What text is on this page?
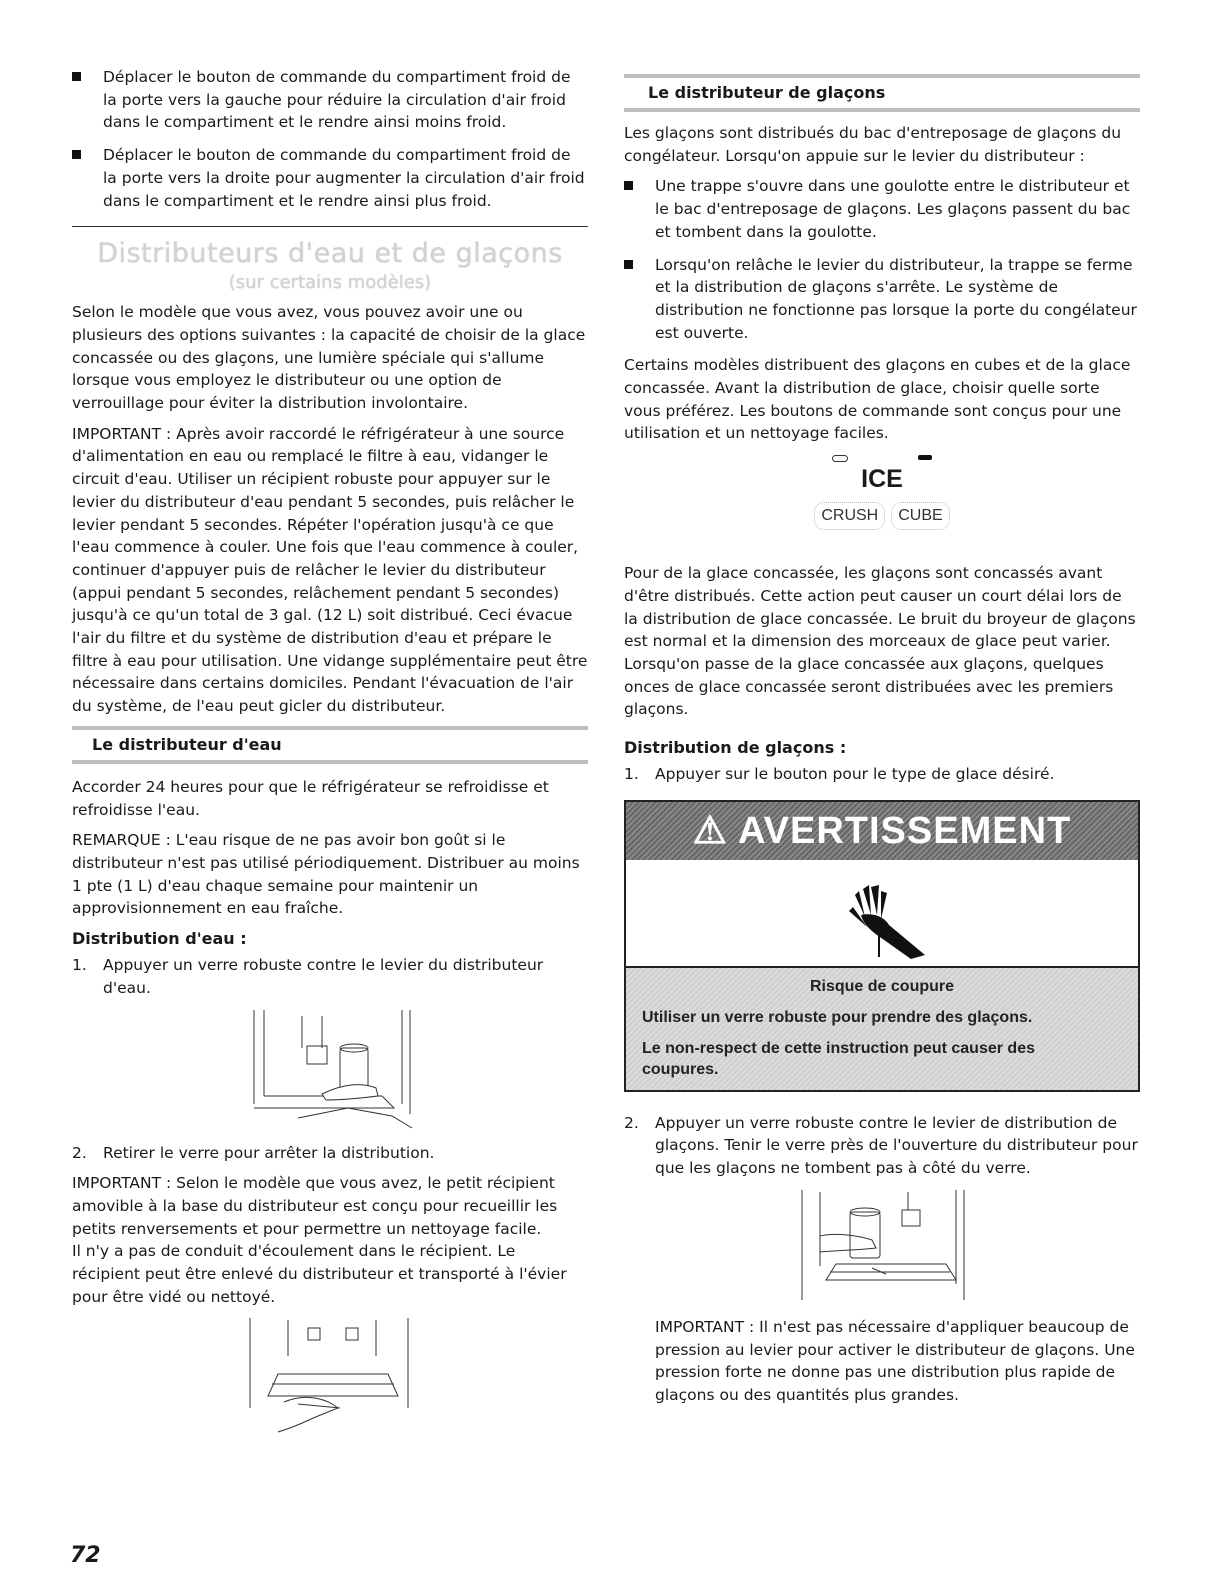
Déplacer le bouton de commande du compartiment froid de la porte vers la gauche pour réduire la circulation d'air froid dans le compartiment et le rendre ainsi moins froid.
Déplacer le bouton de commande du compartiment froid de la porte vers la droite pour augmenter la circulation d'air froid dans le compartiment et le rendre ainsi plus froid.
Distributeurs d'eau et de glaçons
(sur certains modèles)

Selon le modèle que vous avez, vous pouvez avoir une ou plusieurs des options suivantes : la capacité de choisir de la glace concassée ou des glaçons, une lumière spéciale qui s'allume lorsque vous employez le distributeur ou une option de verrouillage pour éviter la distribution involontaire.

IMPORTANT : Après avoir raccordé le réfrigérateur à une source d'alimentation en eau ou remplacé le filtre à eau, vidanger le circuit d'eau. Utiliser un récipient robuste pour appuyer sur le levier du distributeur d'eau pendant 5 secondes, puis relâcher le levier pendant 5 secondes. Répéter l'opération jusqu'à ce que l'eau commence à couler. Une fois que l'eau commence à couler, continuer d'appuyer puis de relâcher le levier du distributeur (appui pendant 5 secondes, relâchement pendant 5 secondes) jusqu'à ce qu'un total de 3 gal. (12 L) soit distribué. Ceci évacue l'air du filtre et du système de distribution d'eau et prépare le filtre à eau pour utilisation. Une vidange supplémentaire peut être nécessaire dans certains domiciles. Pendant l'évacuation de l'air du système, de l'eau peut gicler du distributeur.

Le distributeur d'eau

Accorder 24 heures pour que le réfrigérateur se refroidisse et refroidisse l'eau.

REMARQUE : L'eau risque de ne pas avoir bon goût si le distributeur n'est pas utilisé périodiquement. Distribuer au moins 1 pte (1 L) d'eau chaque semaine pour maintenir un approvisionnement en eau fraîche.

Distribution d'eau :
1. Appuyer un verre robuste contre le levier du distributeur d'eau.
2. Retirer le verre pour arrêter la distribution.

IMPORTANT : Selon le modèle que vous avez, le petit récipient amovible à la base du distributeur est conçu pour recueillir les petits renversements et pour permettre un nettoyage facile.

Il n'y a pas de conduit d'écoulement dans le récipient. Le récipient peut être enlevé du distributeur et transporté à l'évier pour être vidé ou nettoyé.

Le distributeur de glaçons

Les glaçons sont distribués du bac d'entreposage de glaçons du congélateur. Lorsqu'on appuie sur le levier du distributeur :

Une trappe s'ouvre dans une goulotte entre le distributeur et le bac d'entreposage de glaçons. Les glaçons passent du bac et tombent dans la goulotte.
Lorsqu'on relâche le levier du distributeur, la trappe se ferme et la distribution de glaçons s'arrête. Le système de distribution ne fonctionne pas lorsque la porte du congélateur est ouverte.

Certains modèles distribuent des glaçons en cubes et de la glace concassée. Avant la distribution de glace, choisir quelle sorte vous préférez. Les boutons de commande sont conçus pour une utilisation et un nettoyage faciles.

ICE
CRUSH	CUBE

Pour de la glace concassée, les glaçons sont concassés avant d'être distribués. Cette action peut causer un court délai lors de la distribution de glace concassée. Le bruit du broyeur de glaçons est normal et la dimension des morceaux de glace peut varier. Lorsqu'on passe de la glace concassée aux glaçons, quelques onces de glace concassée seront distribuées avec les premiers glaçons.

Distribution de glaçons :
1. Appuyer sur le bouton pour le type de glace désiré.
⚠ AVERTISSEMENT
Risque de coupure
Utiliser un verre robuste pour prendre des glaçons.
Le non-respect de cette instruction peut causer des coupures.
2. Appuyer un verre robuste contre le levier de distribution de glaçons. Tenir le verre près de l'ouverture du distributeur pour que les glaçons ne tombent pas à côté du verre.

IMPORTANT : Il n'est pas nécessaire d'appliquer beaucoup de pression au levier pour activer le distributeur de glaçons. Une pression forte ne donne pas une distribution plus rapide de glaçons ou des quantités plus grandes.

72
